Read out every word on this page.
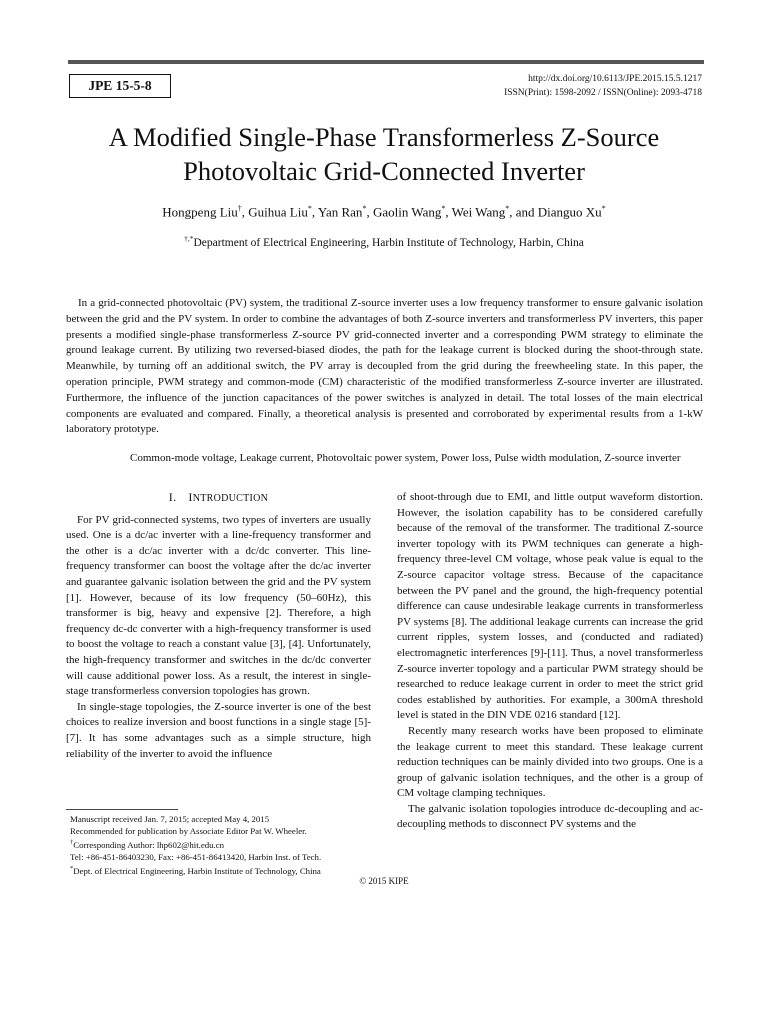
JPE 15-5-8	http://dx.doi.org/10.6113/JPE.2015.15.5.1217
ISSN(Print): 1598-2092 / ISSN(Online): 2093-4718
A Modified Single-Phase Transformerless Z-Source
Photovoltaic Grid-Connected Inverter
Hongpeng Liu†, Guihua Liu*, Yan Ran*, Gaolin Wang*, Wei Wang*, and Dianguo Xu*
†,*Department of Electrical Engineering, Harbin Institute of Technology, Harbin, China

In a grid-connected photovoltaic (PV) system, the traditional Z-source inverter uses a low frequency transformer to ensure galvanic isolation between the grid and the PV system. In order to combine the advantages of both Z-source inverters and transformerless PV inverters, this paper presents a modified single-phase transformerless Z-source PV grid-connected inverter and a corresponding PWM strategy to eliminate the ground leakage current. By utilizing two reversed-biased diodes, the path for the leakage current is blocked during the shoot-through state. Meanwhile, by turning off an additional switch, the PV array is decoupled from the grid during the freewheeling state. In this paper, the operation principle, PWM strategy and common-mode (CM) characteristic of the modified transformerless Z-source inverter are illustrated. Furthermore, the influence of the junction capacitances of the power switches is analyzed in detail. The total losses of the main electrical components are evaluated and compared. Finally, a theoretical analysis is presented and corroborated by experimental results from a 1-kW laboratory prototype.

Common-mode voltage, Leakage current, Photovoltaic power system, Power loss, Pulse width modulation, Z-source inverter

I. INTRODUCTION

For PV grid-connected systems, two types of inverters are usually used. One is a dc/ac inverter with a line-frequency transformer and the other is a dc/ac inverter with a dc/dc converter. This line-frequency transformer can boost the voltage after the dc/ac inverter and guarantee galvanic isolation between the grid and the PV system [1]. However, because of its low frequency (50–60Hz), this transformer is big, heavy and expensive [2]. Therefore, a high frequency dc-dc converter with a high-frequency transformer is used to boost the voltage to reach a constant value [3], [4]. Unfortunately, the high-frequency transformer and switches in the dc/dc converter will cause additional power loss. As a result, the interest in single-stage transformerless conversion topologies has grown.

In single-stage topologies, the Z-source inverter is one of the best choices to realize inversion and boost functions in a single stage [5]-[7]. It has some advantages such as a simple structure, high reliability of the inverter to avoid the influence

of shoot-through due to EMI, and little output waveform distortion. However, the isolation capability has to be considered carefully because of the removal of the transformer. The traditional Z-source inverter topology with its PWM techniques can generate a high-frequency three-level CM voltage, whose peak value is equal to the Z-source capacitor voltage stress. Because of the capacitance between the PV panel and the ground, the high-frequency potential difference can cause undesirable leakage currents in transformerless PV systems [8]. The additional leakage currents can increase the grid current ripples, system losses, and (conducted and radiated) electromagnetic interferences [9]-[11]. Thus, a novel transformerless Z-source inverter topology and a particular PWM strategy should be researched to reduce leakage current in order to meet the strict grid codes established by authorities. For example, a 300mA threshold level is stated in the DIN VDE 0216 standard [12].

Recently many research works have been proposed to eliminate the leakage current to meet this standard. These leakage current reduction techniques can be mainly divided into two groups. One is a group of galvanic isolation techniques, and the other is a group of CM voltage clamping techniques.

The galvanic isolation topologies introduce dc-decoupling and ac-decoupling methods to disconnect PV systems and the

Manuscript received Jan. 7, 2015; accepted May 4, 2015
Recommended for publication by Associate Editor Pat W. Wheeler.
†Corresponding Author: lhp602@hit.edu.cn
Tel: +86-451-86403230, Fax: +86-451-86413420, Harbin Inst. of Tech.
*Dept. of Electrical Engineering, Harbin Institute of Technology, China
© 2015 KIPE
